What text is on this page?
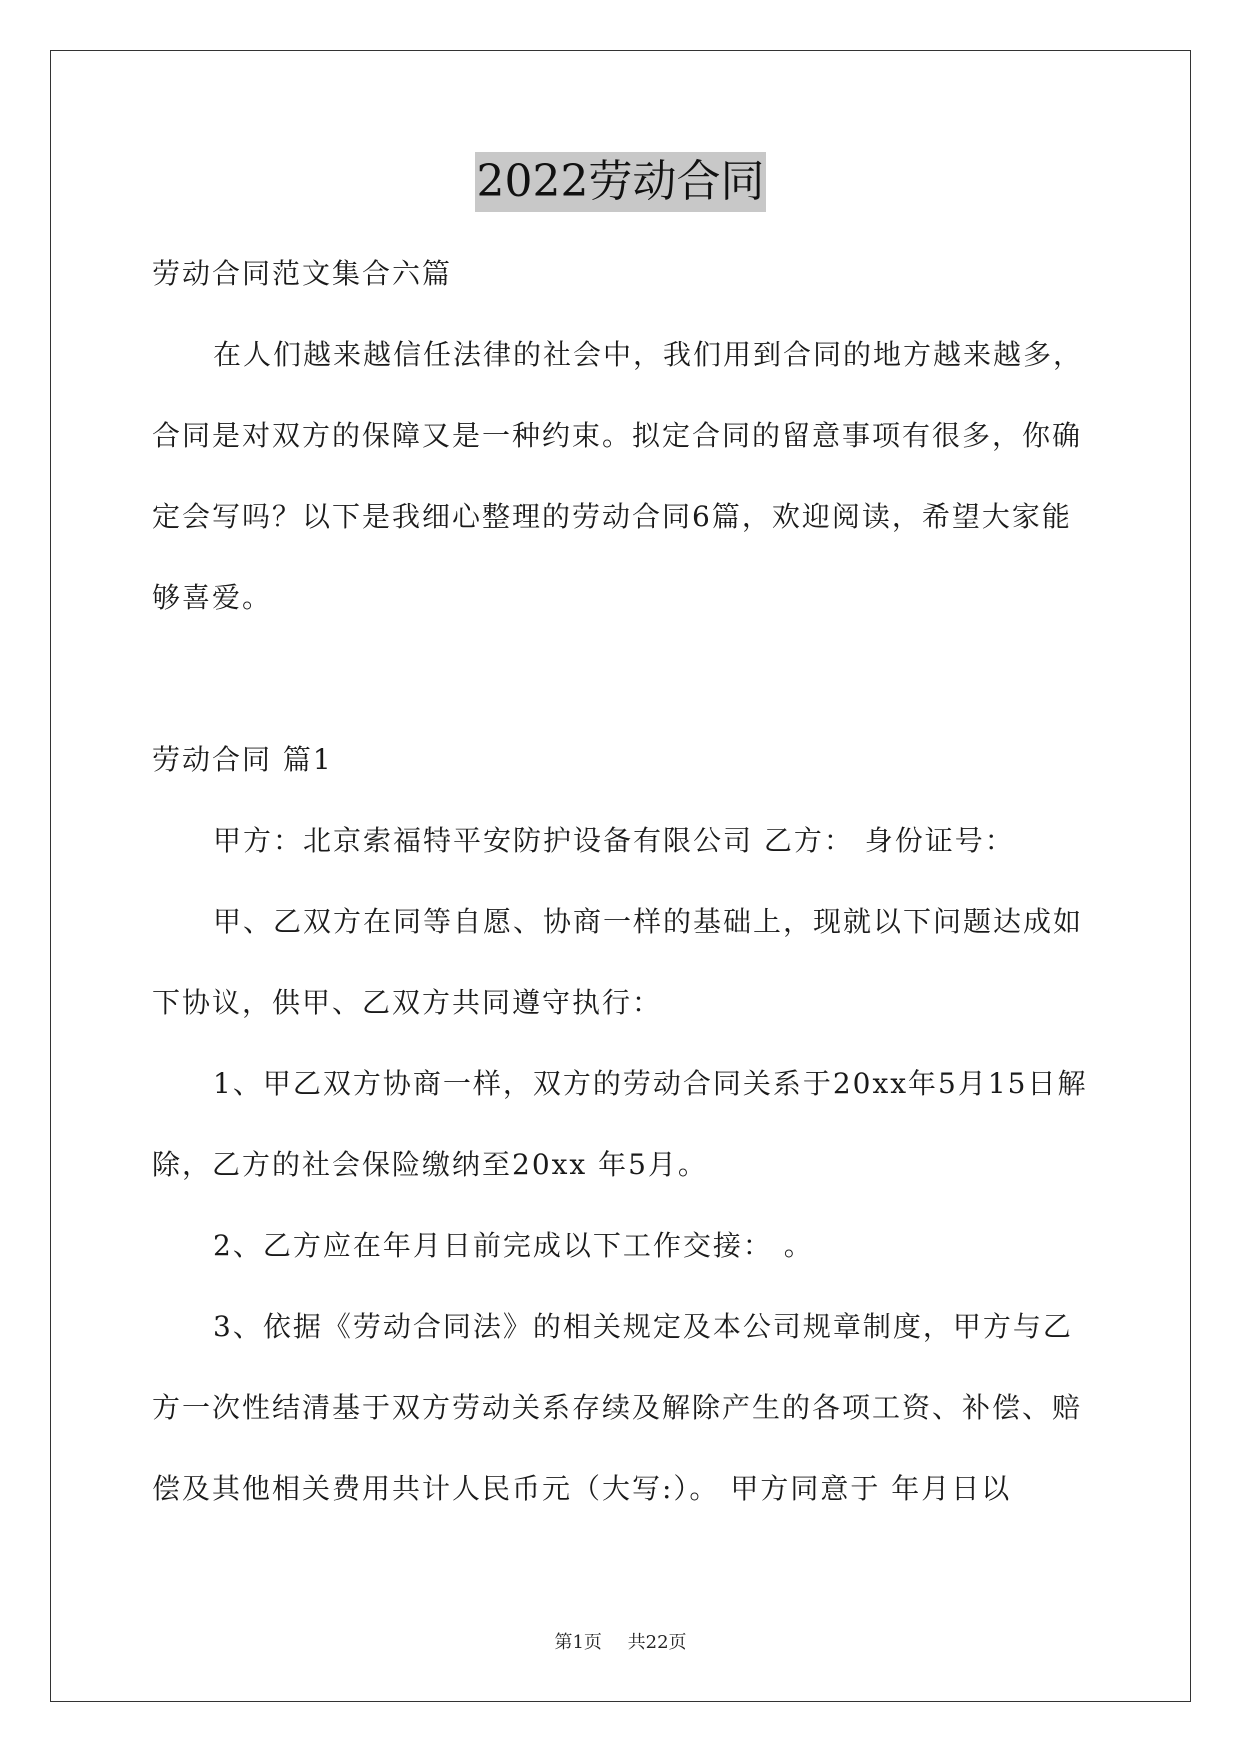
2022劳动合同

劳动合同范文集合六篇

在人们越来越信任法律的社会中，我们用到合同的地方越来越多，合同是对双方的保障又是一种约束。拟定合同的留意事项有很多，你确定会写吗？以下是我细心整理的劳动合同6篇，欢迎阅读，希望大家能够喜爱。

劳动合同 篇1

甲方：北京索福特平安防护设备有限公司 乙方： 身份证号：

甲、乙双方在同等自愿、协商一样的基础上，现就以下问题达成如下协议，供甲、乙双方共同遵守执行：

1、甲乙双方协商一样，双方的劳动合同关系于20xx年5月15日解除，乙方的社会保险缴纳至20xx 年5月。

2、乙方应在年月日前完成以下工作交接： 。

3、依据《劳动合同法》的相关规定及本公司规章制度，甲方与乙方一次性结清基于双方劳动关系存续及解除产生的各项工资、补偿、赔偿及其他相关费用共计人民币元（大写:）。 甲方同意于 年月日以

第1页 共22页
